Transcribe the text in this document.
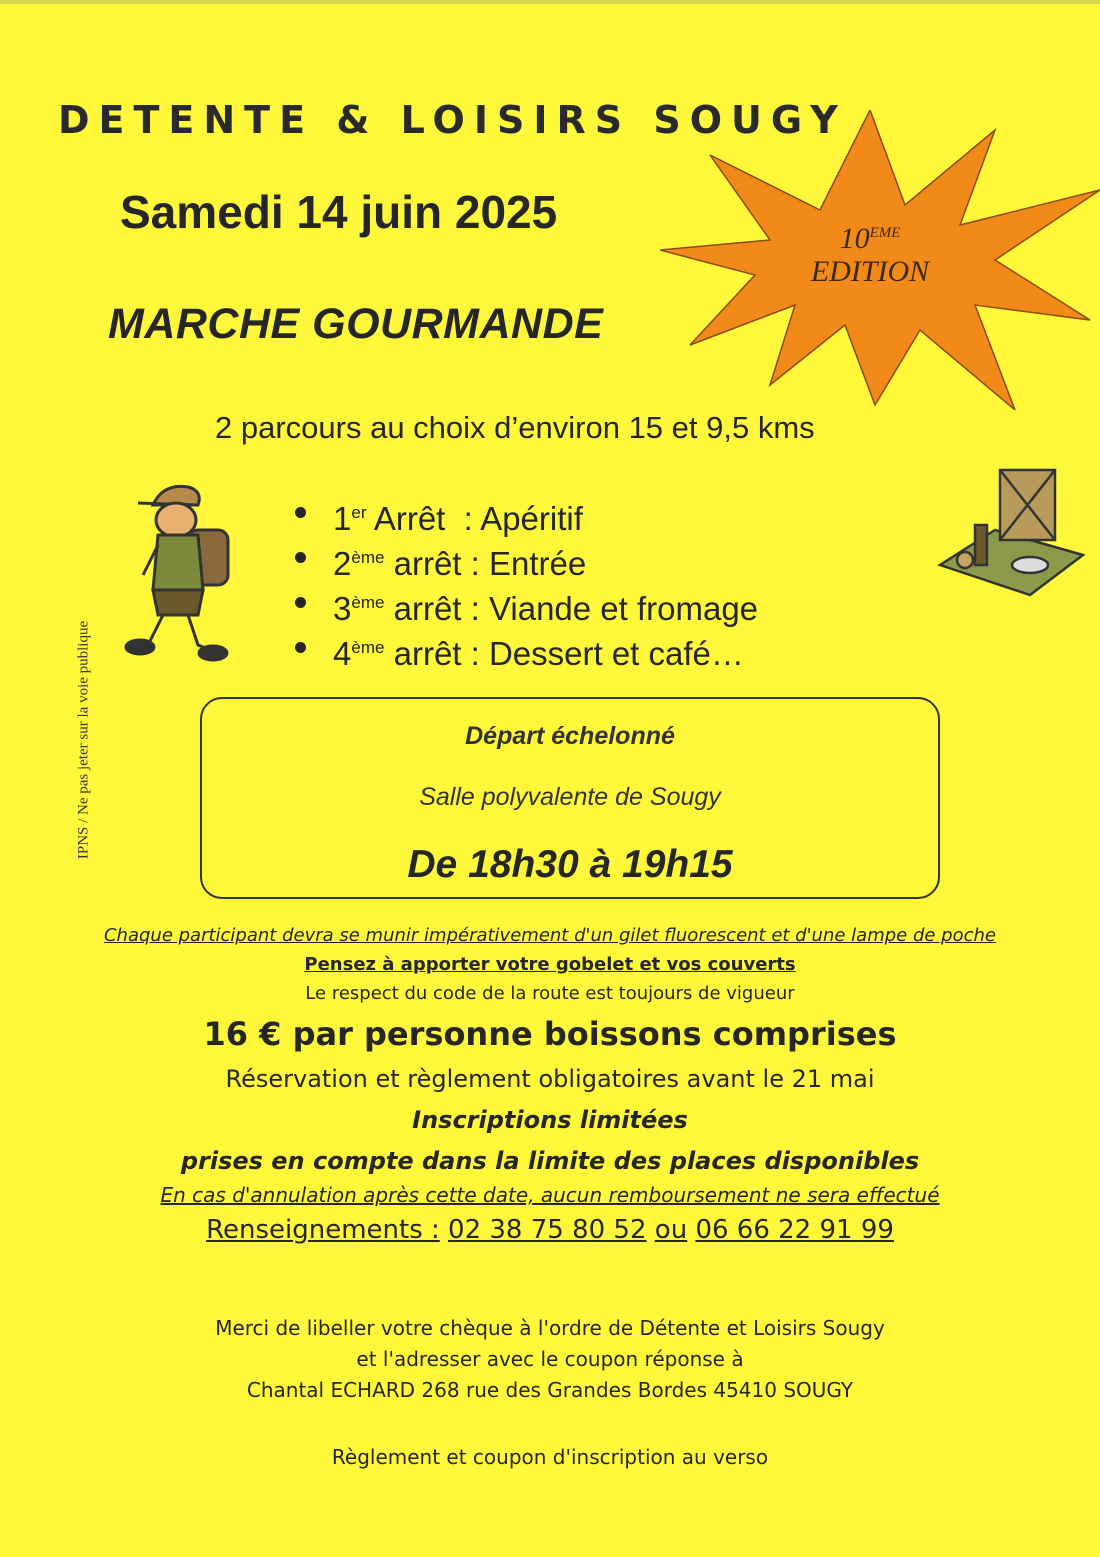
DETENTE & LOISIRS SOUGY
Samedi 14 juin 2025
MARCHE GOURMANDE
10EME
EDITION
2 parcours au choix d’environ 15 et 9,5 kms
1er Arrêt  : Apéritif
2ème arrêt : Entrée
3ème arrêt : Viande et fromage
4ème arrêt : Dessert et café…
IPNS / Ne pas jeter sur la voie publique	Départ échelonné
Salle polyvalente de Sougy
De 18h30 à 19h15
Chaque participant devra se munir impérativement d'un gilet fluorescent et d'une lampe de poche
Pensez à apporter votre gobelet et vos couverts
Le respect du code de la route est toujours de vigueur
16 € par personne boissons comprises
Réservation et règlement obligatoires avant le 21 mai
Inscriptions limitées
prises en compte dans la limite des places disponibles
En cas d'annulation après cette date, aucun remboursement ne sera effectué
Renseignements : 02 38 75 80 52 ou 06 66 22 91 99
Merci de libeller votre chèque à l'ordre de Détente et Loisirs Sougy
et l'adresser avec le coupon réponse à
Chantal ECHARD 268 rue des Grandes Bordes 45410 SOUGY
Règlement et coupon d'inscription au verso
